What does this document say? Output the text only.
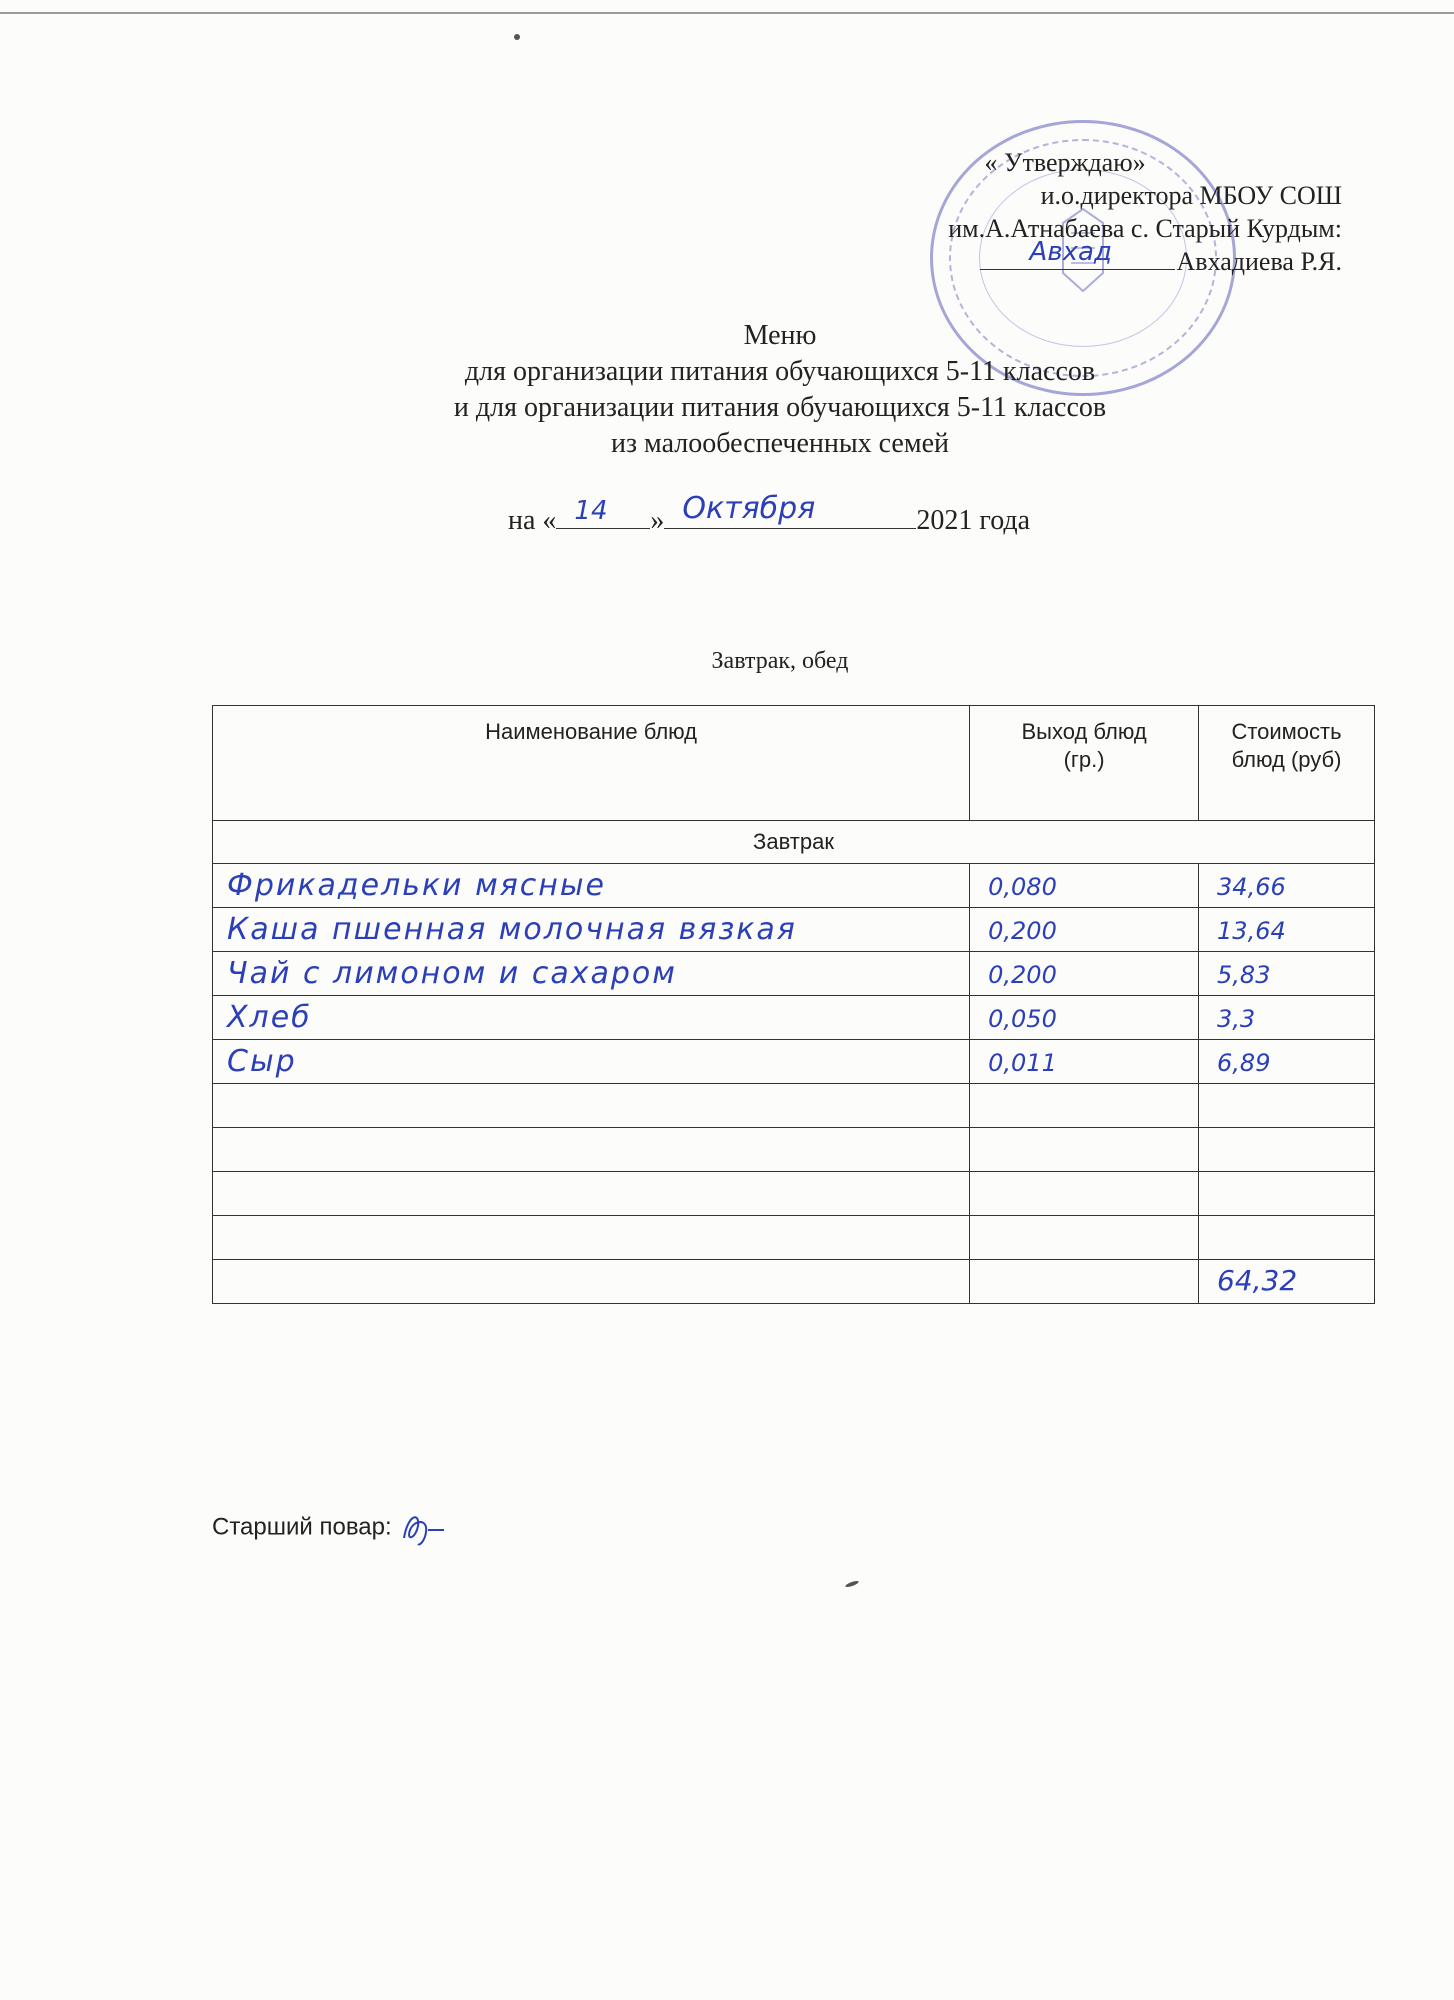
« Утверждаю»
и.о.директора МБОУ СОШ
им.А.Атнабаева с. Старый Курдым:
Авхад Авхадиева Р.Я.
Меню
для организации питания обучающихся 5-11 классов
и для организации питания обучающихся 5-11 классов
из малообеспеченных семей
на « 14 » Октября	2021 года
Завтрак, обед
Наименование блюд	Выход блюд (гр.)	Стоимость блюд (руб)
Завтрак		

Фрикадельки мясные	0,080	34,66

Каша пшенная молочная вязкая	0,200	13,64

Чай с лимоном и сахаром	0,200	5,83

Хлеб	0,050	3,3

Сыр	0,011	6,89

		64,32
Старший повар:
